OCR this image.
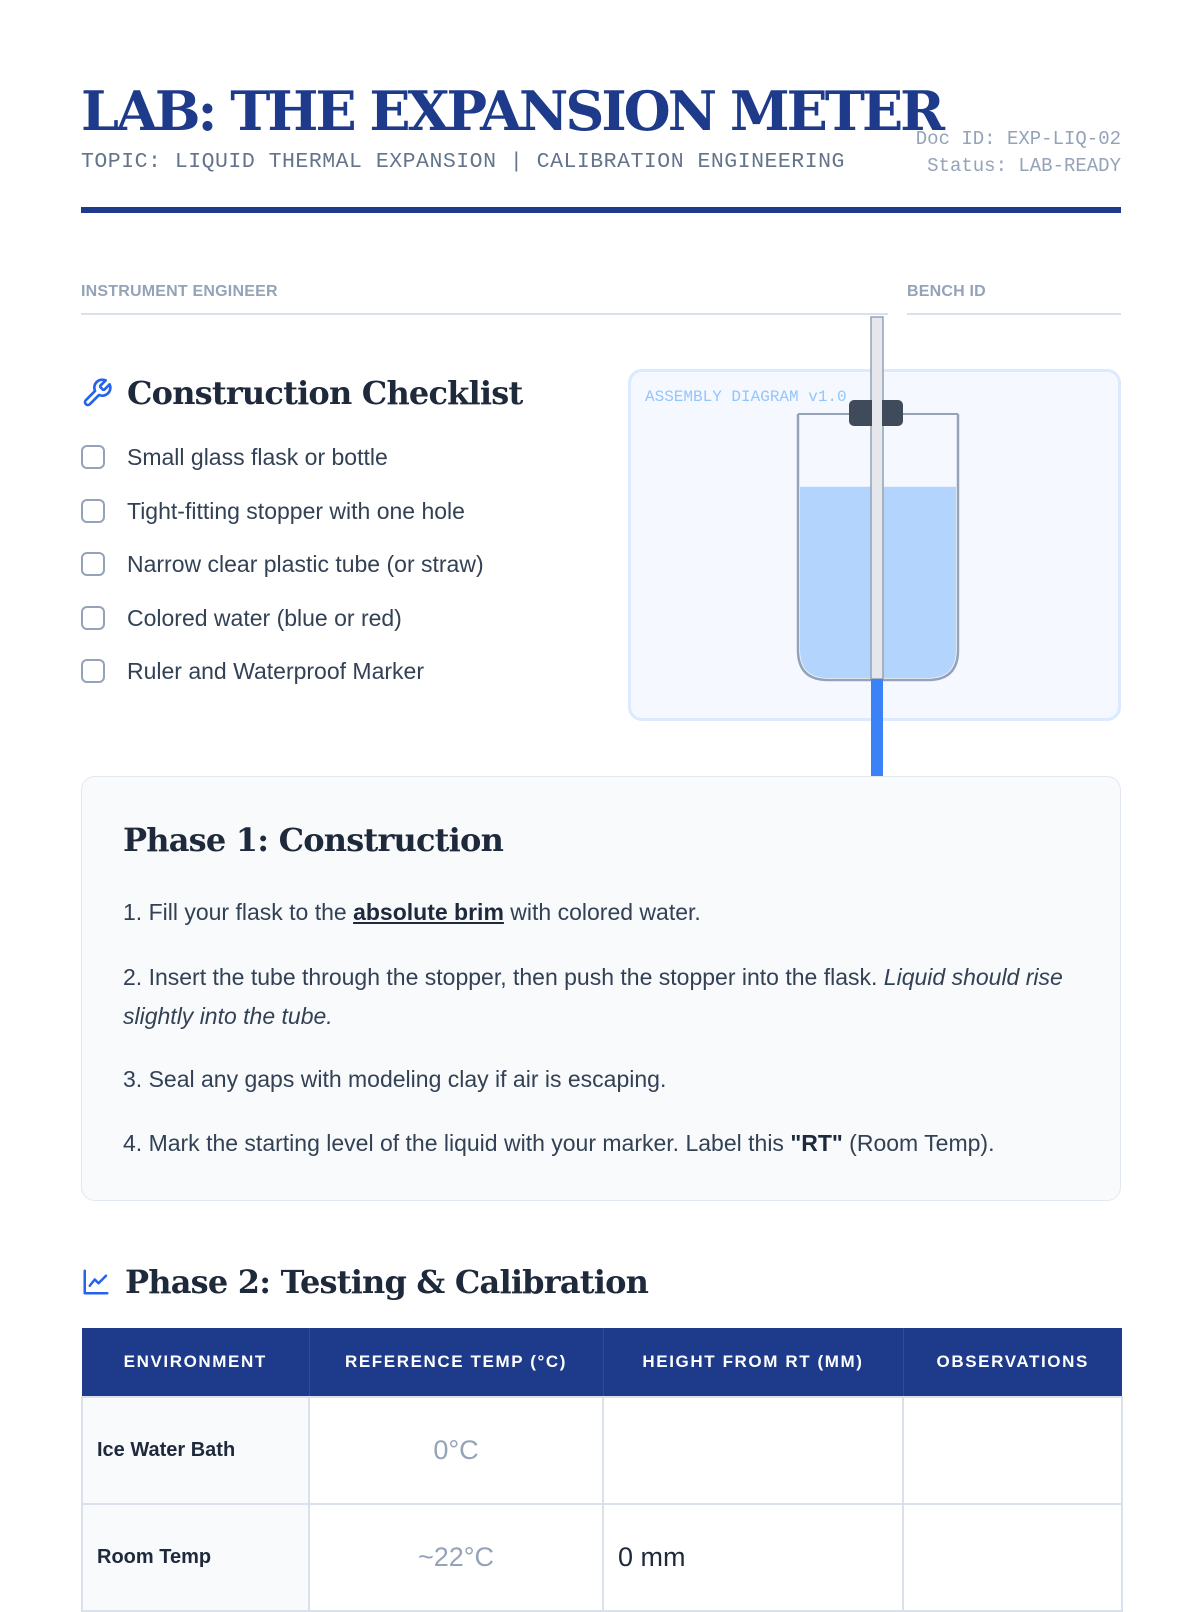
LAB: THE EXPANSION METER
TOPIC: LIQUID THERMAL EXPANSION | CALIBRATION ENGINEERING
Doc ID: EXP-LIQ-02
Status: LAB-READY
INSTRUMENT ENGINEER	BENCH ID
Construction Checklist
Small glass flask or bottle
Tight-fitting stopper with one hole
Narrow clear plastic tube (or straw)
Colored water (blue or red)
Ruler and Waterproof Marker
ASSEMBLY DIAGRAM v1.0
Phase 1: Construction

1. Fill your flask to the absolute brim with colored water.

2. Insert the tube through the stopper, then push the stopper into the flask. Liquid should rise slightly into the tube.

3. Seal any gaps with modeling clay if air is escaping.

4. Mark the starting level of the liquid with your marker. Label this "RT" (Room Temp).

Phase 2: Testing & Calibration
ENVIRONMENT	REFERENCE TEMP (°C)	HEIGHT FROM RT (MM)	OBSERVATIONS
Ice Water Bath	0°C		
Room Temp	~22°C	0 mm	
